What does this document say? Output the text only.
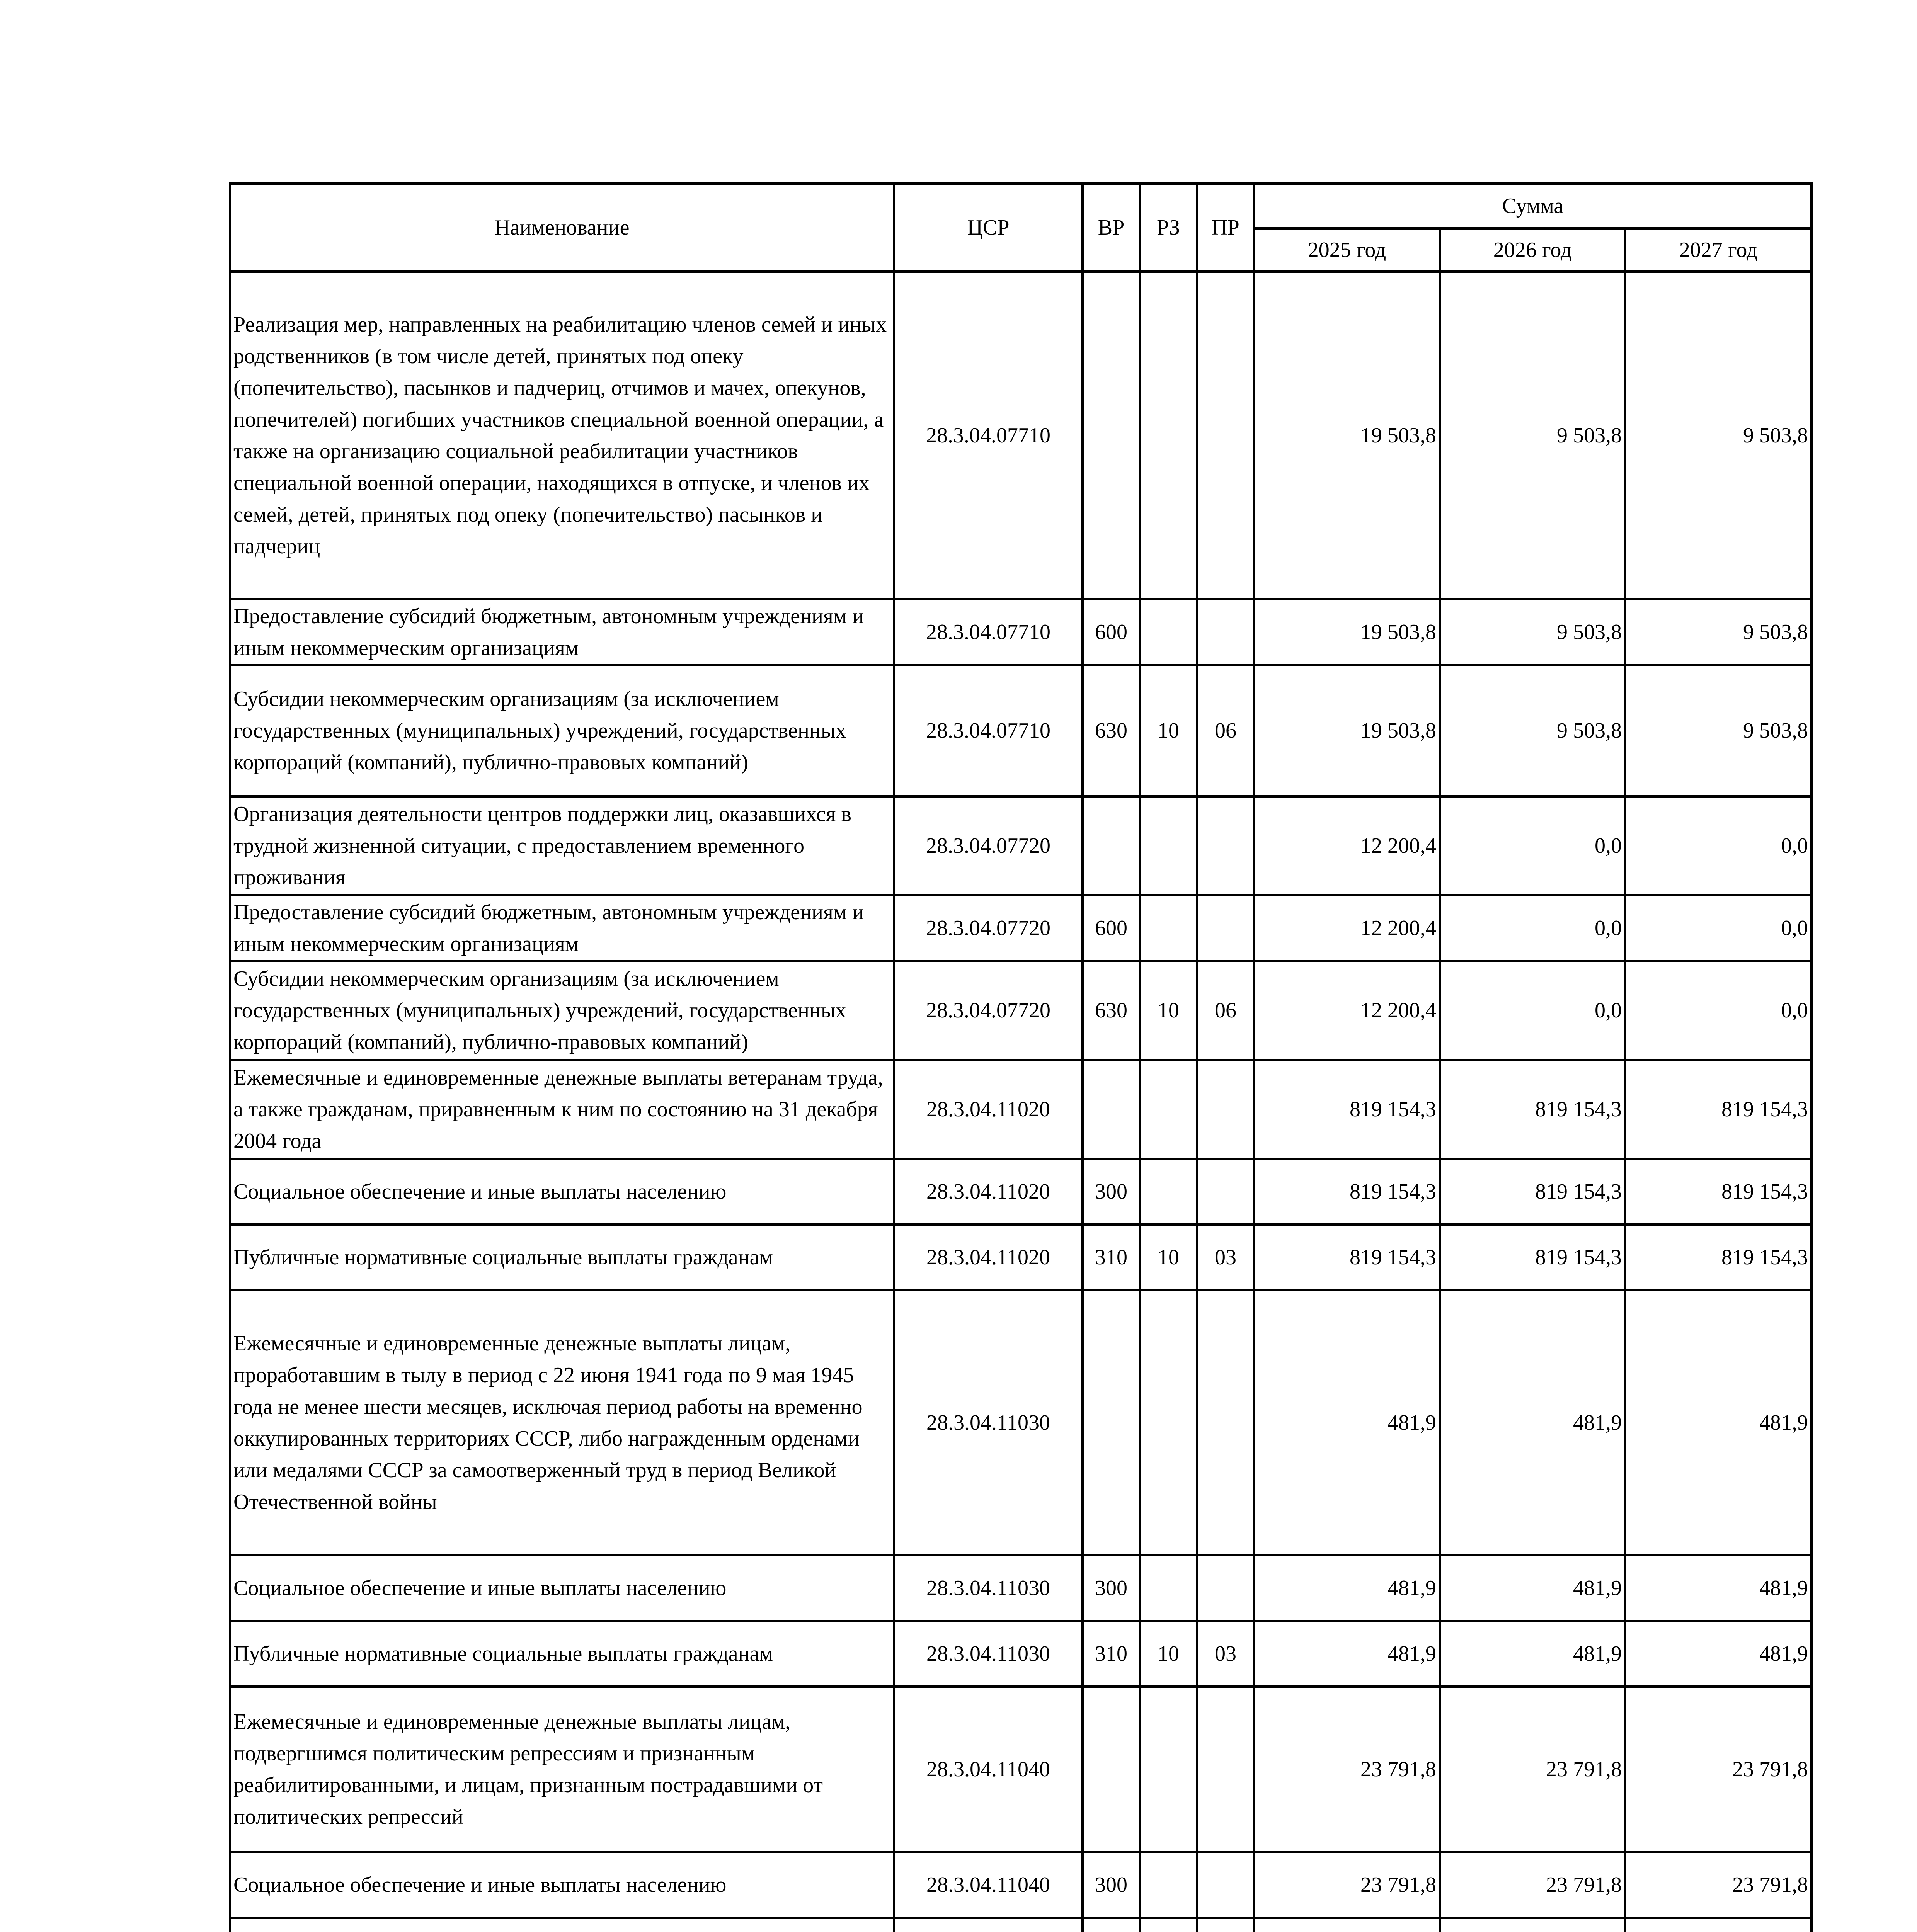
Наименование	ЦСР	ВР	РЗ	ПР	Сумма		
					2025 год	2026 год	2027 год
Реализация мер, направленных на реабилитацию членов семей и иных родственников (в том числе детей, принятых под опеку (попечительство), пасынков и падчериц, отчимов и мачех, опекунов, попечителей) погибших участников специальной военной операции, а также на организацию социальной реабилитации участников специальной военной операции, находящихся в отпуске, и членов их семей, детей, принятых под опеку (попечительство) пасынков и падчериц	28.3.04.07710				19 503,8	9 503,8	9 503,8
Предоставление субсидий бюджетным, автономным учреждениям и иным некоммерческим организациям	28.3.04.07710	600			19 503,8	9 503,8	9 503,8
Субсидии некоммерческим организациям (за исключением государственных (муниципальных) учреждений, государственных корпораций (компаний), публично-правовых компаний)	28.3.04.07710	630	10	06	19 503,8	9 503,8	9 503,8
Организация деятельности центров поддержки лиц, оказавшихся в трудной жизненной ситуации, с предоставлением временного проживания	28.3.04.07720				12 200,4	0,0	0,0
Предоставление субсидий бюджетным, автономным учреждениям и иным некоммерческим организациям	28.3.04.07720	600			12 200,4	0,0	0,0
Субсидии некоммерческим организациям (за исключением государственных (муниципальных) учреждений, государственных корпораций (компаний), публично-правовых компаний)	28.3.04.07720	630	10	06	12 200,4	0,0	0,0
Ежемесячные и единовременные денежные выплаты ветеранам труда, а также гражданам, приравненным к ним по состоянию на 31 декабря 2004 года	28.3.04.11020				819 154,3	819 154,3	819 154,3
Социальное обеспечение и иные выплаты населению	28.3.04.11020	300			819 154,3	819 154,3	819 154,3
Публичные нормативные социальные выплаты гражданам	28.3.04.11020	310	10	03	819 154,3	819 154,3	819 154,3
Ежемесячные и единовременные денежные выплаты лицам, проработавшим в тылу в период с 22 июня 1941 года по 9 мая 1945 года не менее шести месяцев, исключая период работы на временно оккупированных территориях СССР, либо награжденным орденами или медалями СССР за самоотверженный труд в период Великой Отечественной войны	28.3.04.11030				481,9	481,9	481,9
Социальное обеспечение и иные выплаты населению	28.3.04.11030	300			481,9	481,9	481,9
Публичные нормативные социальные выплаты гражданам	28.3.04.11030	310	10	03	481,9	481,9	481,9
Ежемесячные и единовременные денежные выплаты лицам, подвергшимся политическим репрессиям и признанным реабилитированными, и лицам, признанным пострадавшими от политических репрессий	28.3.04.11040				23 791,8	23 791,8	23 791,8
Социальное обеспечение и иные выплаты населению	28.3.04.11040	300			23 791,8	23 791,8	23 791,8
